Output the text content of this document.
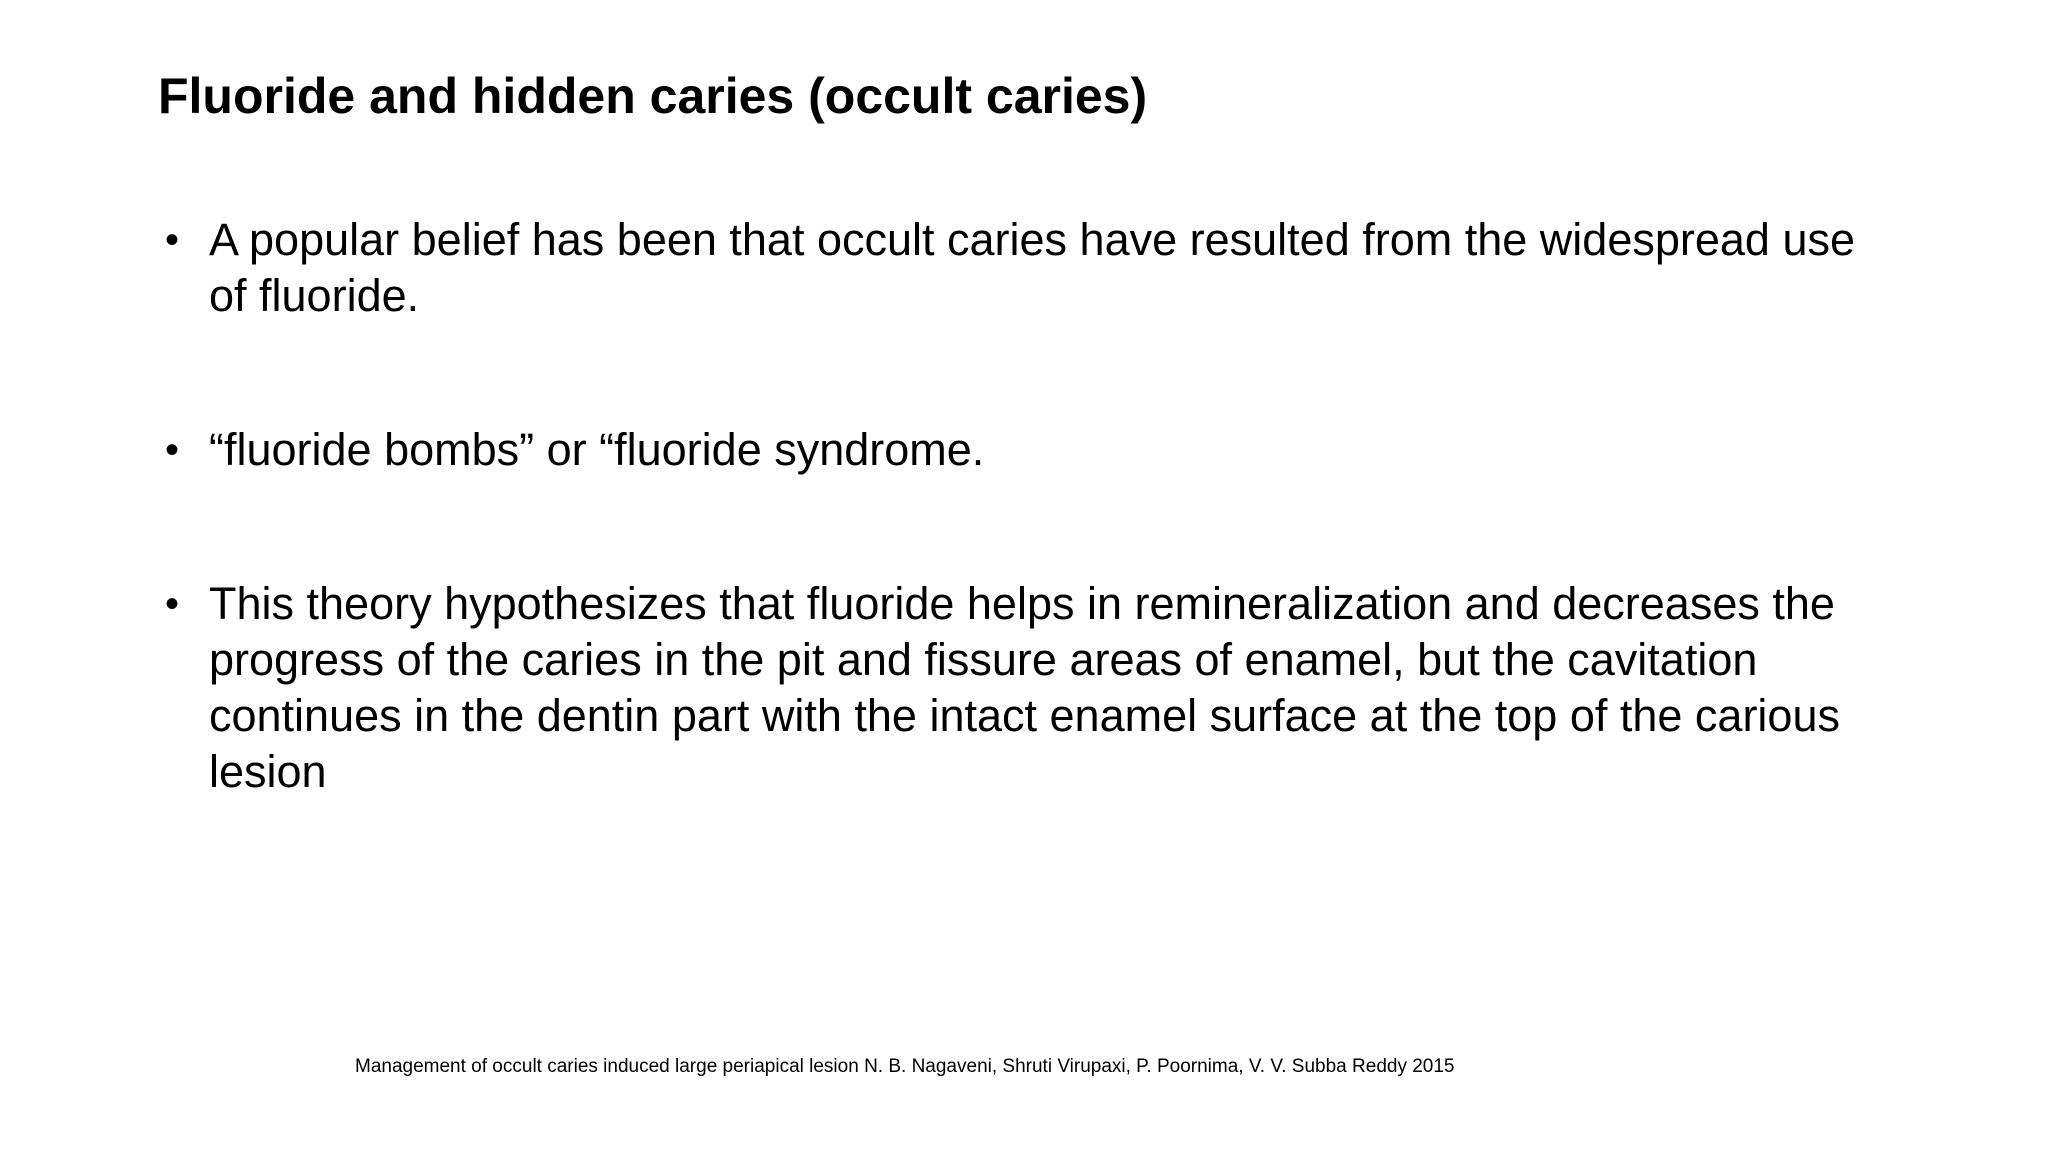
Fluoride and hidden caries (occult caries)
• A popular belief has been that occult caries have resulted from the widespread use of fluoride.
• “fluoride bombs” or “fluoride syndrome.
• This theory hypothesizes that fluoride helps in remineralization and decreases the progress of the caries in the pit and fissure areas of enamel, but the cavitation continues in the dentin part with the intact enamel surface at the top of the carious lesion
Management of occult caries induced large periapical lesion N. B. Nagaveni, Shruti Virupaxi, P. Poornima, V. V. Subba Reddy 2015
